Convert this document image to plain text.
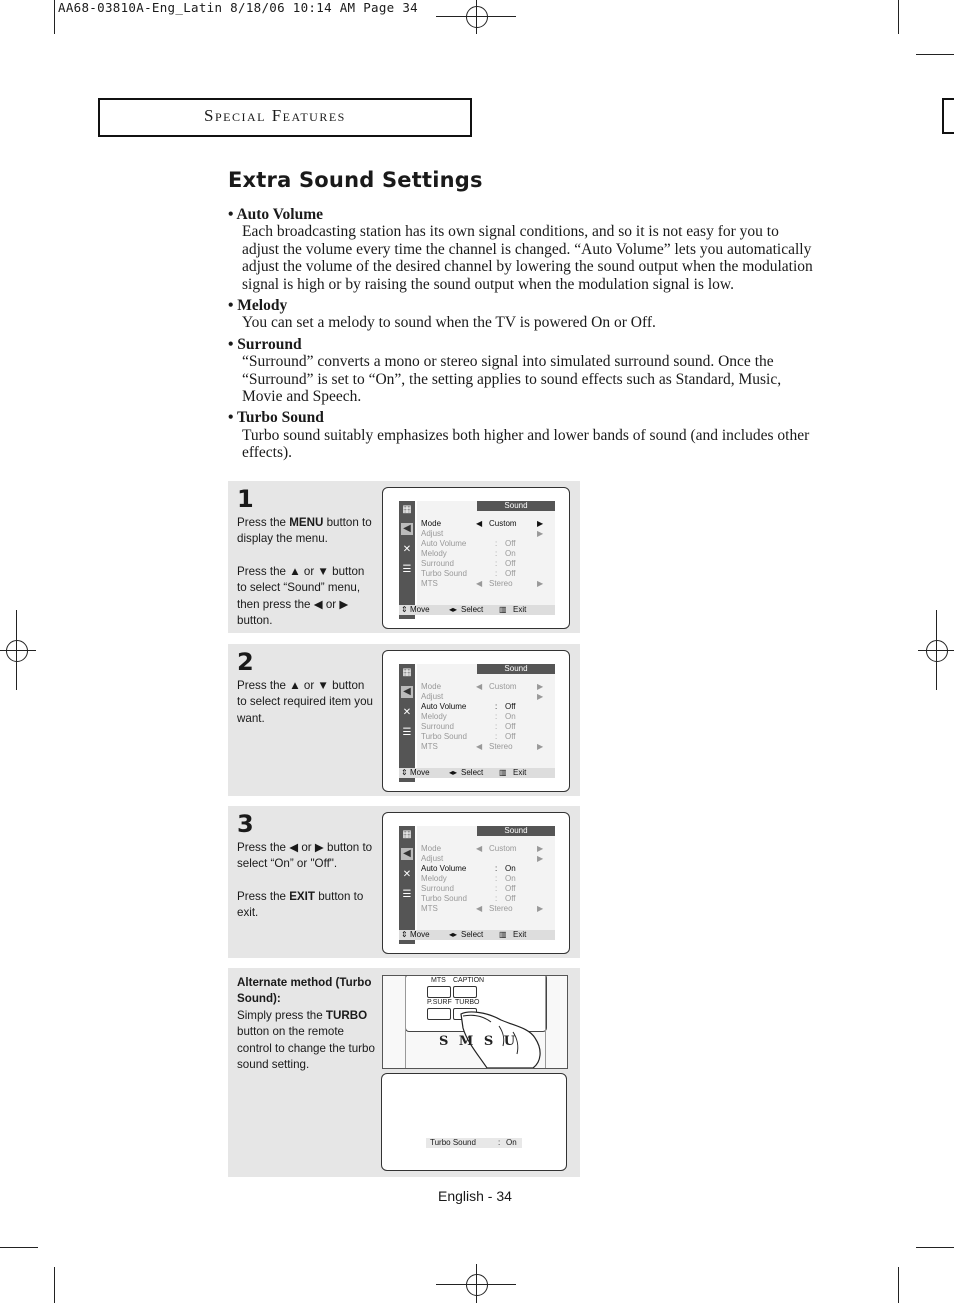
AA68-03810A-Eng_Latin 8/18/06 10:14 AM Page 34
Special Features
Extra Sound Settings
• Auto Volume
Each broadcasting station has its own signal conditions, and so it is not easy for you to adjust the volume every time the channel is changed. “Auto Volume” lets you automatically adjust the volume of the desired channel by lowering the sound output when the modulation signal is high or by raising the sound output when the modulation signal is low.
• Melody
You can set a melody to sound when the TV is powered On or Off.
• Surround
“Surround” converts a mono or stereo signal into simulated surround sound. Once the “Surround” is set to “On”, the setting applies to sound effects such as Standard, Music, Movie and Speech.
• Turbo Sound
Turbo sound suitably emphasizes both higher and lower bands of sound (and includes other effects).
1
Press the MENU button to display the menu.
Press the ▲ or ▼ button to select “Sound” menu, then press the ◀ or ▶ button.
▦
◀
✕
☰
Sound
Mode	◀ Custom	▶
Adjust	▶
Auto Volume	: Off
Melody	: On
Surround	: Off
Turbo Sound	: Off
MTS	◀ Stereo	▶
⇕ Move ◂▸ Select ▥ Exit
2
Press the ▲ or ▼ button to select required item you want.
▦
◀
✕
☰
Sound
Mode	◀ Custom	▶
Adjust	▶
Auto Volume	: Off
Melody	: On
Surround	: Off
Turbo Sound	: Off
MTS	◀ Stereo	▶
⇕ Move ◂▸ Select ▥ Exit
3
Press the ◀ or ▶ button to select “On” or "Off".
Press the EXIT button to exit.
▦
◀
✕
☰
Sound
Mode	◀ Custom	▶
Adjust	▶
Auto Volume	: On
Melody	: On
Surround	: Off
Turbo Sound	: Off
MTS	◀ Stereo	▶
⇕ Move ◂▸ Select ▥ Exit
Alternate method (Turbo Sound):
Simply press the TURBO button on the remote control to change the turbo sound setting.
MTS CAPTION
P.SURF TURBO
S M S U
Turbo Sound	: On
English - 34
